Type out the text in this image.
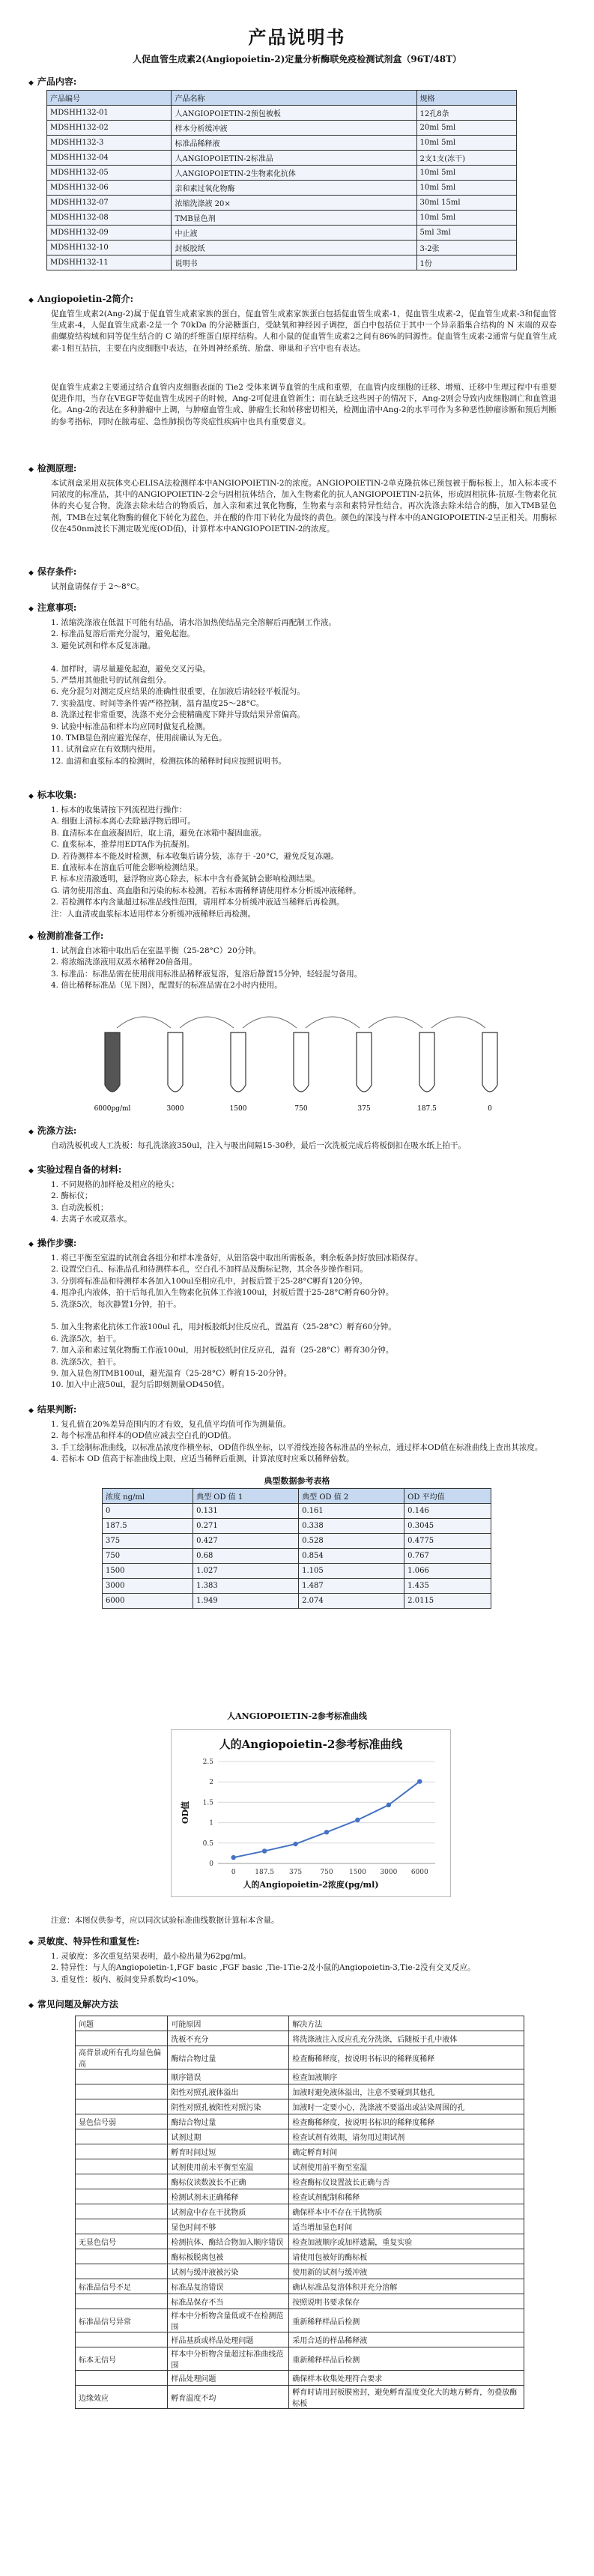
产品说明书
人促血管生成素2(Angiopoietin-2)定量分析酶联免疫检测试剂盒（96T/48T）
◆ 产品内容:
产品编号	产品名称	规格
MDSHH132-01	人ANGIOPOIETIN-2预包被板	12孔8条
MDSHH132-02	样本分析缓冲液	20ml 5ml
MDSHH132-3	标准品稀释液	10ml 5ml
MDSHH132-04	人ANGIOPOIETIN-2标准品	2支1支(冻干)
MDSHH132-05	人ANGIOPOIETIN-2生物素化抗体	10ml 5ml
MDSHH132-06	亲和素过氧化物酶	10ml 5ml
MDSHH132-07	浓缩洗涤液 20×	30ml 15ml
MDSHH132-08	TMB显色剂	10ml 5ml
MDSHH132-09	中止液	5ml 3ml
MDSHH132-10	封板胶纸	3-2张
MDSHH132-11	说明书	1份
◆ Angiopoietin-2简介:
促血管生成素2(Ang-2)属于促血管生成素家族的蛋白，促血管生成素家族蛋白包括促血管生成素-1，促血管生成素-2，促血管生成素-3和促血管生成素-4，人促血管生成素-2是一个 70kDa 的分泌糖蛋白，受缺氧和神经因子调控，蛋白中包括位于其中一个异亲脂集合结构的 N 末端的双卷曲螺旋结构域和同等促生结合的 C 端的纤维蛋白原样结构。人和小鼠的促血管生成素2之间有86%的同源性。促血管生成素-2通常与促血管生成素-1相互拮抗，主要在内皮细胞中表达，在外周神经系统、胎盘、卵巢和子宫中也有表达。
促血管生成素2主要通过结合血管内皮细胞表面的 Tie2 受体来调节血管的生成和重塑，在血管内皮细胞的迁移、增殖、迁移中生理过程中有重要促进作用，当存在VEGF等促血管生成因子的时候，Ang-2可促进血管新生；而在缺乏这些因子的情况下，Ang-2则会导致内皮细胞凋亡和血管退化。Ang-2的表达在多种肿瘤中上调，与肿瘤血管生成、肿瘤生长和转移密切相关，检测血清中Ang-2的水平可作为多种恶性肿瘤诊断和预后判断的参考指标，同时在脓毒症、急性肺损伤等炎症性疾病中也具有重要意义。
◆ 检测原理:
本试剂盒采用双抗体夹心ELISA法检测样本中ANGIOPOIETIN-2的浓度。ANGIOPOIETIN-2单克隆抗体已预包被于酶标板上，加入标本或不同浓度的标准品，其中的ANGIOPOIETIN-2会与固相抗体结合，加入生物素化的抗人ANGIOPOIETIN-2抗体，形成固相抗体-抗原-生物素化抗体的夹心复合物，洗涤去除未结合的物质后，加入亲和素过氧化物酶，生物素与亲和素特异性结合，再次洗涤去除未结合的酶，加入TMB显色剂，TMB在过氧化物酶的催化下转化为蓝色，并在酸的作用下转化为最终的黄色。颜色的深浅与样本中的ANGIOPOIETIN-2呈正相关。用酶标仪在450nm波长下测定吸光度(OD值)，计算样本中ANGIOPOIETIN-2的浓度。
◆ 保存条件:
试剂盒请保存于 2～8°C。
◆ 注意事项:
1. 浓缩洗涤液在低温下可能有结晶，请水浴加热使结晶完全溶解后再配制工作液。
2. 标准品复溶后需充分混匀，避免起泡。
3. 避免试剂和样本反复冻融。

4. 加样时，请尽量避免起泡，避免交叉污染。
5. 严禁用其他批号的试剂盒组分。
6. 充分混匀对测定反应结果的准确性很重要，在加液后请轻轻平板混匀。
7. 实验温度、时间等条件需严格控制，温育温度25～28°C。
8. 洗涤过程非常重要，洗涤不充分会使精确度下降并导致结果异常偏高。
9. 试验中标准品和样本均应同时做复孔检测。
10. TMB显色剂应避光保存，使用前确认为无色。
11. 试剂盒应在有效期内使用。
12. 血清和血浆标本的检测时，检测抗体的稀释时间应按照说明书。
◆ 标本收集:
1. 标本的收集请按下列流程进行操作：
A. 细胞上清标本离心去除悬浮物后即可。
B. 血清标本在血液凝固后，取上清，避免在冰箱中凝固血液。
C. 血浆标本，推荐用EDTA作为抗凝剂。
D. 若待测样本不能及时检测，标本收集后请分装，冻存于 -20°C，避免反复冻融。
E. 血液标本在溶血后可能会影响检测结果。
F. 标本应清澈透明，悬浮物应离心除去，标本中含有叠氮钠会影响检测结果。
G. 请勿使用溶血、高血脂和污染的标本检测。若标本需稀释请使用样本分析缓冲液稀释。
2. 若检测样本内含量超过标准品线性范围，请用样本分析缓冲液适当稀释后再检测。
注：人血清或血浆标本适用样本分析缓冲液稀释后再检测。
◆ 检测前准备工作:
1. 试剂盒自冰箱中取出后在室温平衡（25-28°C）20分钟。
2. 将浓缩洗涤液用双蒸水稀释20倍备用。
3. 标准品：标准品需在使用前用标准品稀释液复溶，复溶后静置15分钟，轻轻混匀备用。
4. 倍比稀释标准品（见下图），配置好的标准品需在2小时内使用。
6000pg/ml	3000	1500	750	375	187.5	0
◆ 洗涤方法:
自动洗板机或人工洗板：每孔洗涤液350ul，注入与吸出间隔15-30秒，最后一次洗板完成后将板倒扣在吸水纸上拍干。
◆ 实验过程自备的材料:
1. 不同规格的加样枪及相应的枪头；
2. 酶标仪；
3. 自动洗板机；
4. 去离子水或双蒸水。
◆ 操作步骤:
1. 将已平衡至室温的试剂盒各组分和样本准备好，从铝箔袋中取出所需板条，剩余板条封好放回冰箱保存。
2. 设置空白孔、标准品孔和待测样本孔，空白孔不加样品及酶标记物，其余各步操作相同。
3. 分别将标准品和待测样本各加入100ul至相应孔中，封板后置于25-28°C孵育120分钟。
4. 甩净孔内液体，拍干后每孔加入生物素化抗体工作液100ul，封板后置于25-28°C孵育60分钟。
5. 洗涤5次，每次静置1分钟，拍干。

5. 加入生物素化抗体工作液100ul 孔，用封板胶纸封住反应孔，置温育（25-28°C）孵育60分钟。
6. 洗涤5次，拍干。
7. 加入亲和素过氧化物酶工作液100ul，用封板胶纸封住反应孔，温育（25-28°C）孵育30分钟。
8. 洗涤5次，拍干。
9. 加入显色剂TMB100ul，避光温育（25-28°C）孵育15-20分钟。
10. 加入中止液50ul，混匀后即刻测量OD450值。
◆ 结果判断:
1. 复孔值在20%差异范围内的才有效，复孔值平均值可作为测量值。
2. 每个标准品和样本的OD值应减去空白孔的OD值。
3. 手工绘制标准曲线，以标准品浓度作横坐标，OD值作纵坐标，以平滑线连接各标准品的坐标点，通过样本OD值在标准曲线上查出其浓度。
4. 若标本 OD 值高于标准曲线上限，应适当稀释后重测，计算浓度时应乘以稀释倍数。
典型数据参考表格
浓度 ng/ml	典型 OD 值 1	典型 OD 值 2	OD 平均值
0	0.131	0.161	0.146
187.5	0.271	0.338	0.3045
375	0.427	0.528	0.4775
750	0.68	0.854	0.767
1500	1.027	1.105	1.066
3000	1.383	1.487	1.435
6000	1.949	2.074	2.0115
人ANGIOPOIETIN-2参考标准曲线
人的Angiopoietin-2参考标准曲线
0
0.5
1
1.5
2
2.5
0	187.5 375	750 1500 3000 6000
人的Angiopoietin-2浓度(pg/ml)
OD值
注意：本图仅供参考，应以同次试验标准曲线数据计算标本含量。
◆ 灵敏度、特异性和重复性:
1. 灵敏度：多次重复结果表明，最小检出量为62pg/ml。
2. 特异性：与人的Angiopoietin-1,FGF basic ,FGF basic ,Tie-1Tie-2及小鼠的Angiopoietin-3,Tie-2没有交叉反应。
3. 重复性：板内、板间变异系数均<10%。
◆ 常见问题及解决方法
问题	可能原因	解决方法
	洗板不充分	将洗涤液注入反应孔充分洗涤，后随板于孔中液体
高背景或所有孔均显色偏高	酶结合物过量	检查酶稀释度，按说明书标识的稀释度稀释
	顺序错误	检查加液顺序
	阳性对照孔液体溢出	加液时避免液体溢出，注意不要碰到其他孔
	阴性对照孔被阳性对照污染	加液时一定要小心，洗涤液不要溢出或沾染周围的孔
显色信号弱	酶结合物过量	检查酶稀释度，按说明书标识的稀释度稀释
	试剂过期	检查试剂有效期，请勿用过期试剂
	孵育时间过短	确定孵育时间
	试剂使用前未平衡至室温	试剂使用前平衡至室温
	酶标仪读数波长不正确	检查酶标仪设置波长正确与否
	检测试剂未正确稀释	检查试剂配制和稀释
	试剂盒中存在干扰物质	确保样本中不存在干扰物质
	显色时间不够	适当增加显色时间
无显色信号	检测抗体、酶结合物加入顺序错误	检查加液顺序或加样遗漏，重复实验
	酶标板脱离包被	请使用包被好的酶标板
	试剂与缓冲液被污染	使用新的试剂与缓冲液
标准品信号不足	标准品复溶错误	确认标准品复溶体积并充分溶解
	标准品保存不当	按照说明书要求保存
标准品信号异常	样本中分析物含量低或不在检测范围	重新稀释样品后检测
	样品基质或样品处理问题	采用合适的样品稀释液
标本无信号	样本中分析物含量超过标准曲线范围	重新稀释样品后检测
	样品处理问题	确保样本收集处理符合要求
边缘效应	孵育温度不均	孵育时请用封板膜密封，避免孵育温度变化大的地方孵育，勿叠放酶标板
